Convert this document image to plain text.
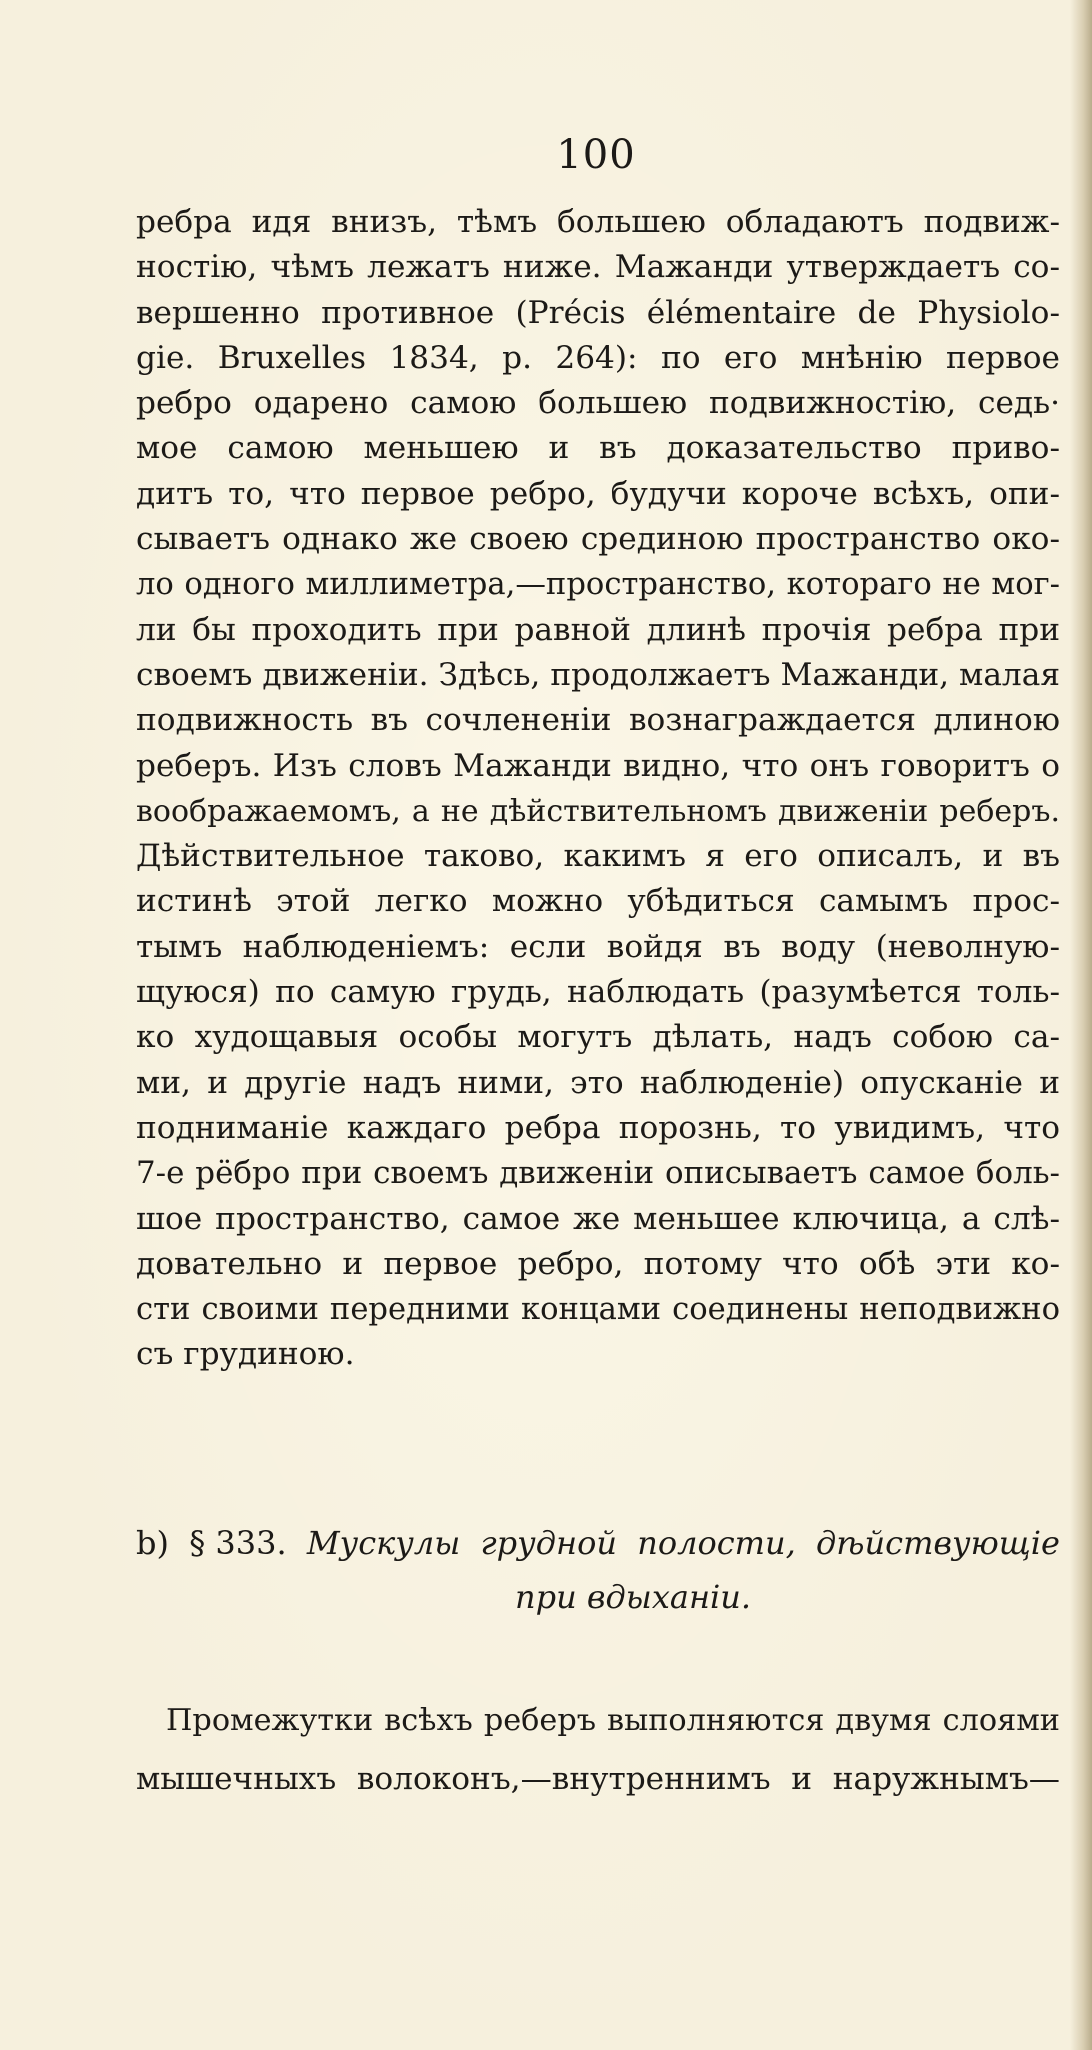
100
ребра идя внизъ, тѣмъ большею обладаютъ подвиж-
ностію, чѣмъ лежатъ ниже. Мажанди утверждаетъ со-
вершенно противное (Précis élémentaire de Physiolo-
gie. Bruxelles 1834, p. 264): по его мнѣнію первое
ребро одарено самою большею подвижностію, седь·
мое самою меньшею и въ доказательство приво-
дитъ то, что первое ребро, будучи короче всѣхъ, опи-
сываетъ однако же своею срединою пространство око-
ло одного миллиметра,—пространство, котораго не мог-
ли бы проходить при равной длинѣ прочія ребра при
своемъ движеніи. Здѣсь, продолжаетъ Мажанди, малая
подвижность въ сочлененіи вознаграждается длиною
реберъ. Изъ словъ Мажанди видно, что онъ говоритъ о
воображаемомъ, а не дѣйствительномъ движеніи реберъ.
Дѣйствительное таково, какимъ я его описалъ, и въ
истинѣ этой легко можно убѣдиться самымъ прос-
тымъ наблюденіемъ: если войдя въ воду (неволную-
щуюся) по самую грудь, наблюдать (разумѣется толь-
ко худощавыя особы могутъ дѣлать, надъ собою са-
ми, и другіе надъ ними, это наблюденіе) опусканіе и
подниманіе каждаго ребра порознь, то увидимъ, что
7-е рёбро при своемъ движеніи описываетъ самое боль-
шое пространство, самое же меньшее ключица, а слѣ-
довательно и первое ребро, потому что обѣ эти ко-
сти своими передними концами соединены неподвижно
съ грудиною.
b) § 333. Мускулы грудной полости, дѣйствующіе
при вдыханіи.
Промежутки всѣхъ реберъ выполняются двумя слоями
мышечныхъ волоконъ,—внутреннимъ и наружнымъ—
